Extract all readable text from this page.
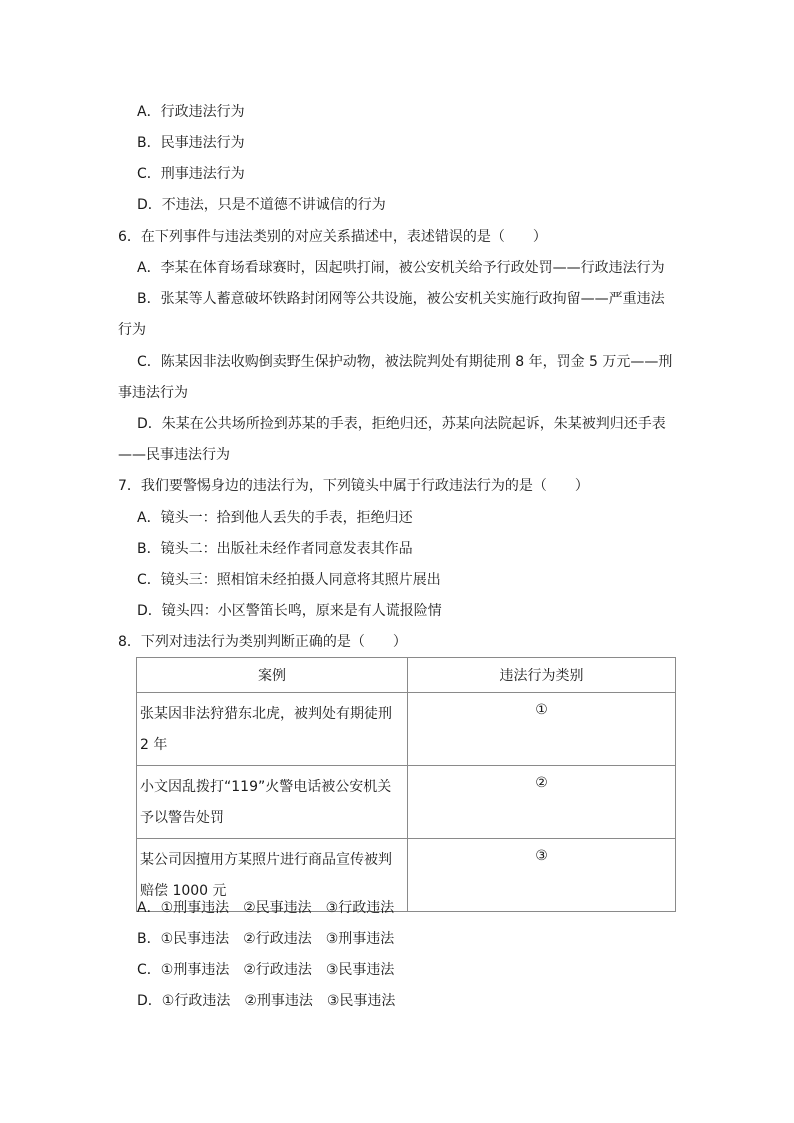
A．行政违法行为
B．民事违法行为
C．刑事违法行为
D．不违法，只是不道德不讲诚信的行为
6．在下列事件与违法类别的对应关系描述中，表述错误的是（　　）
A．李某在体育场看球赛时，因起哄打闹，被公安机关给予行政处罚——行政违法行为
B．张某等人蓄意破坏铁路封闭网等公共设施，被公安机关实施行政拘留——严重违法
行为
C．陈某因非法收购倒卖野生保护动物，被法院判处有期徒刑 8 年，罚金 5 万元——刑
事违法行为
D．朱某在公共场所捡到苏某的手表，拒绝归还，苏某向法院起诉，朱某被判归还手表
——民事违法行为
7．我们要警惕身边的违法行为，下列镜头中属于行政违法行为的是（　　）
A．镜头一：拾到他人丢失的手表，拒绝归还
B．镜头二：出版社未经作者同意发表其作品
C．镜头三：照相馆未经拍摄人同意将其照片展出
D．镜头四：小区警笛长鸣，原来是有人谎报险情
8．下列对违法行为类别判断正确的是（　　）
案例	违法行为类别

张某因非法狩猎东北虎，被判处有期徒刑 2 年	①

小文因乱拨打“119”火警电话被公安机关予以警告处罚	②

某公司因擅用方某照片进行商品宣传被判赔偿 1000 元	③
A．①刑事违法　②民事违法　③行政违法
B．①民事违法　②行政违法　③刑事违法
C．①刑事违法　②行政违法　③民事违法
D．①行政违法　②刑事违法　③民事违法
